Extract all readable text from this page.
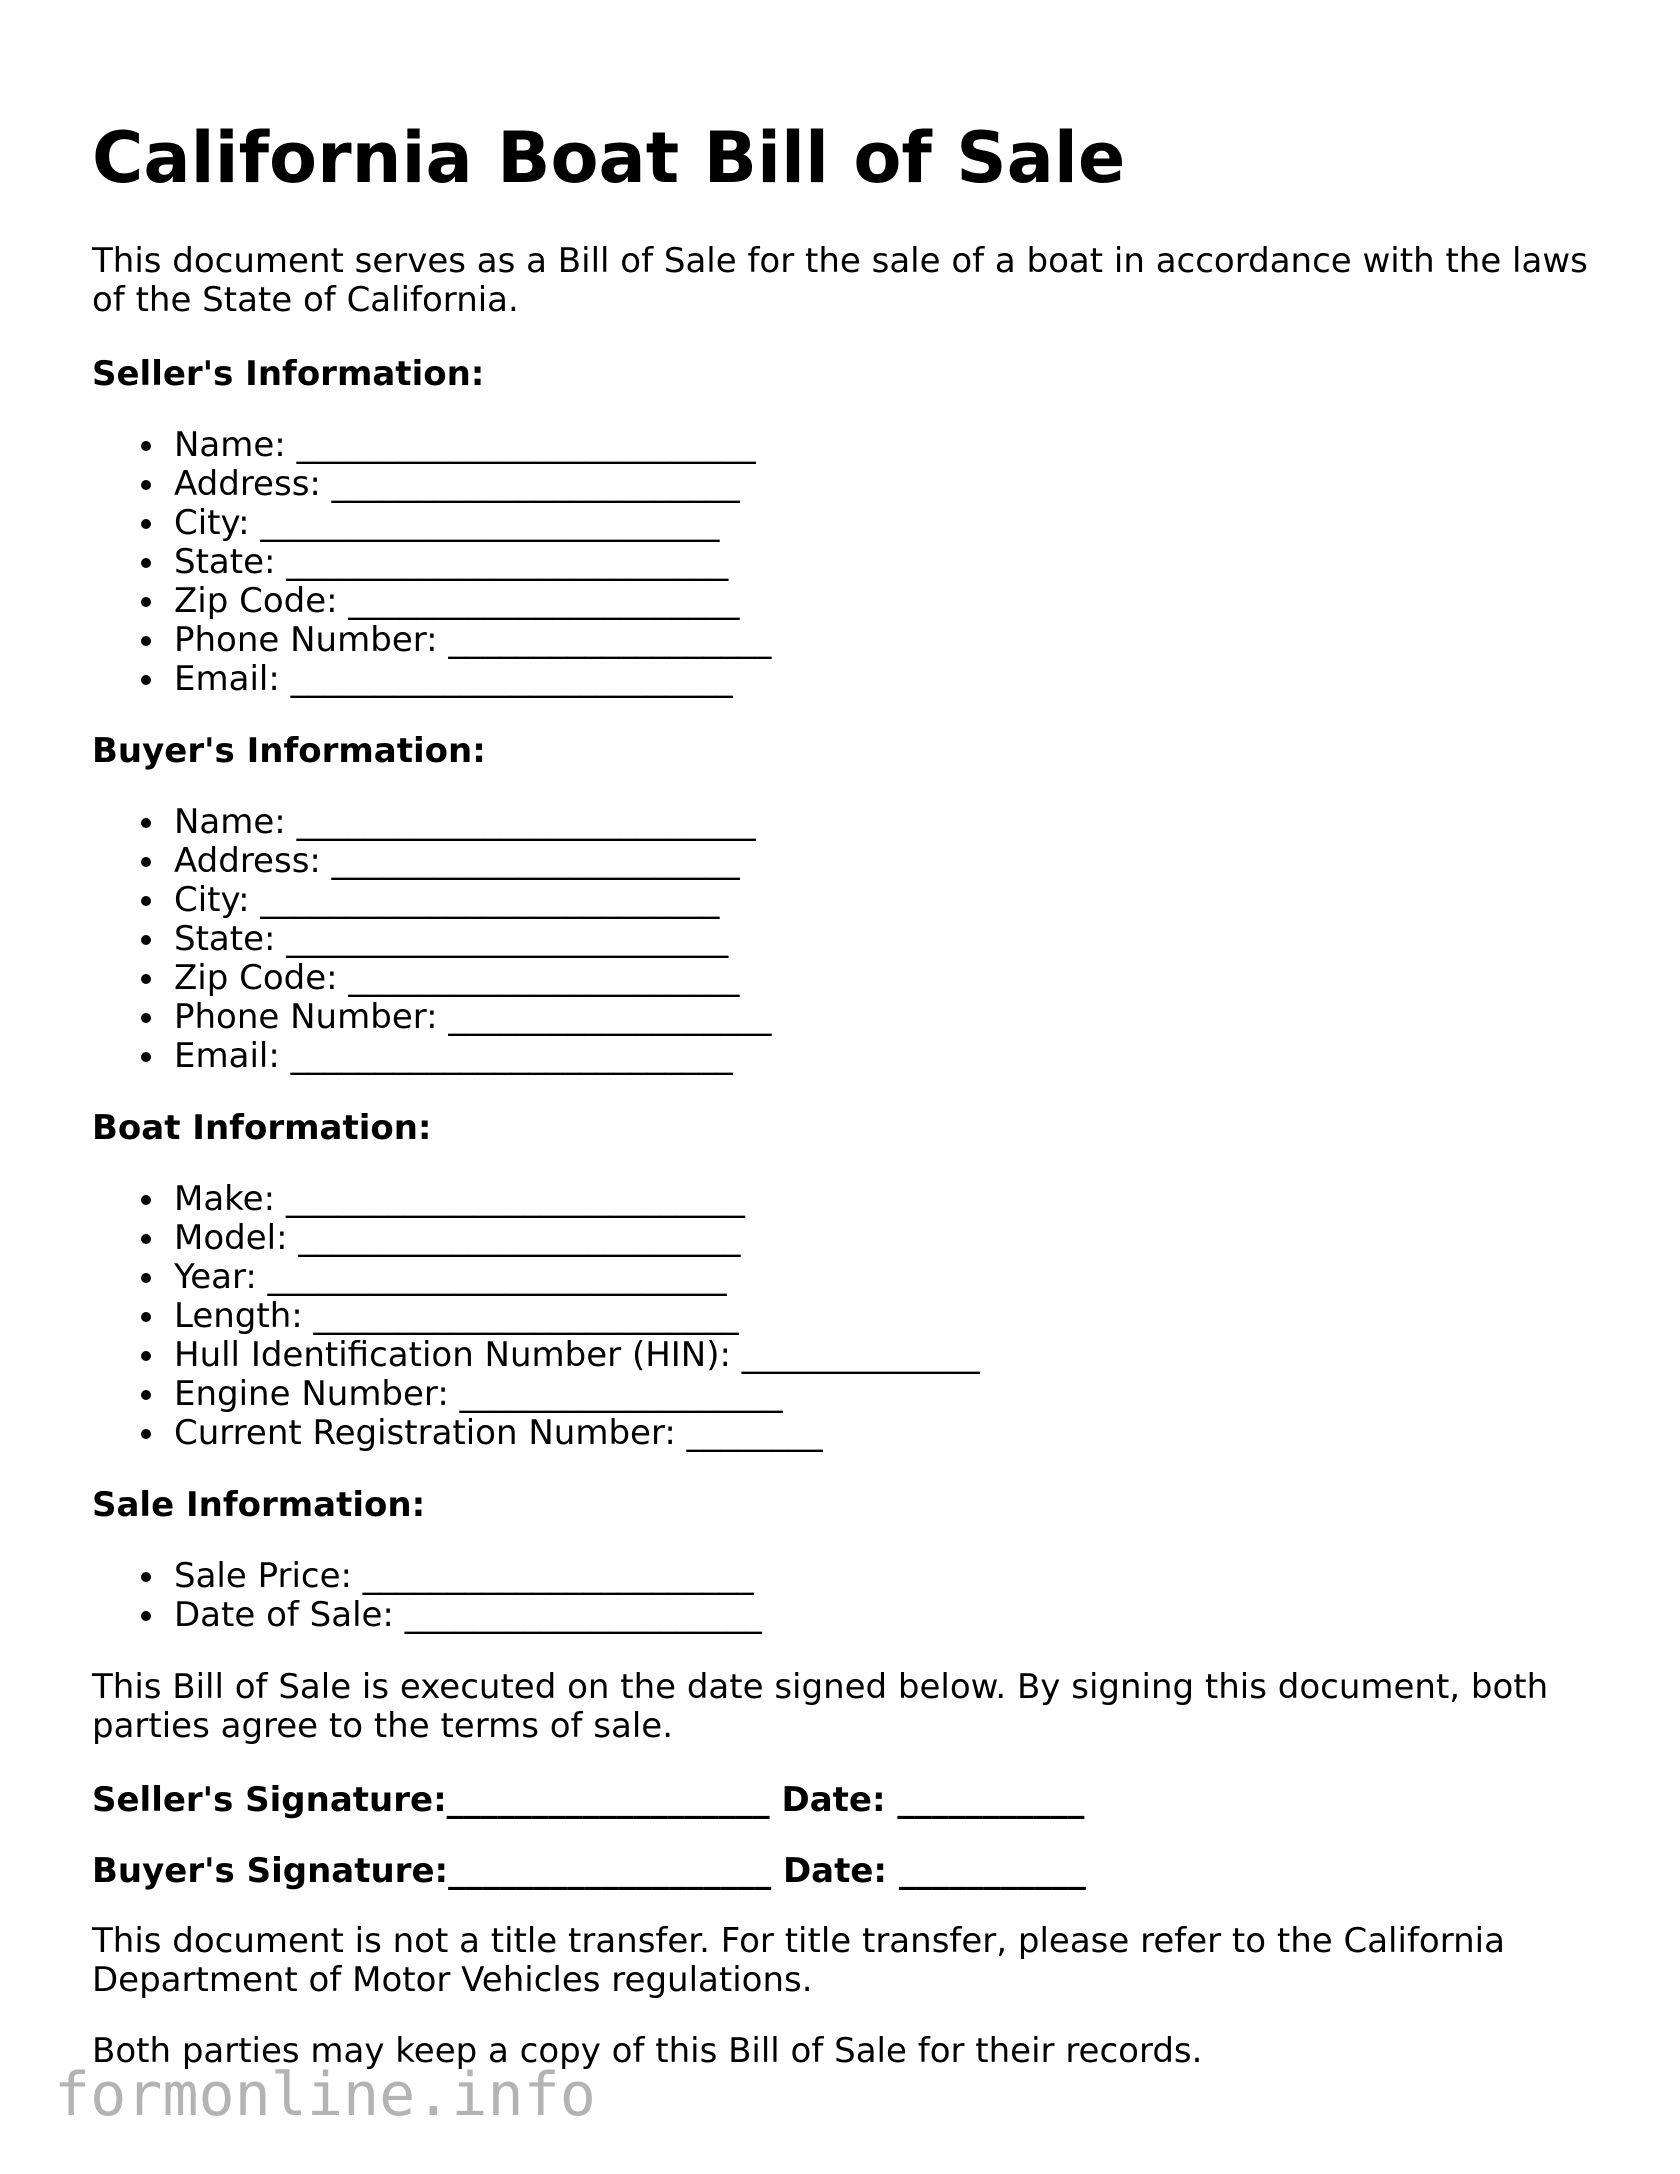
California Boat Bill of Sale

This document serves as a Bill of Sale for the sale of a boat in accordance with the laws of the State of California.

Seller's Information:

Name: ___________________________
Address: ________________________
City: ___________________________
State: __________________________
Zip Code: _______________________
Phone Number: ___________________
Email: __________________________

Buyer's Information:

Name: ___________________________
Address: ________________________
City: ___________________________
State: __________________________
Zip Code: _______________________
Phone Number: ___________________
Email: __________________________

Boat Information:

Make: ___________________________
Model: __________________________
Year: ___________________________
Length: _________________________
Hull Identification Number (HIN): ______________
Engine Number: ___________________
Current Registration Number: ________

Sale Information:

Sale Price: _______________________
Date of Sale: _____________________

This Bill of Sale is executed on the date signed below. By signing this document, both parties agree to the terms of sale.

Seller's Signature:___________________ Date: ___________

Buyer's Signature:___________________ Date: ___________

This document is not a title transfer. For title transfer, please refer to the California Department of Motor Vehicles regulations.

Both parties may keep a copy of this Bill of Sale for their records.

formonline.info
